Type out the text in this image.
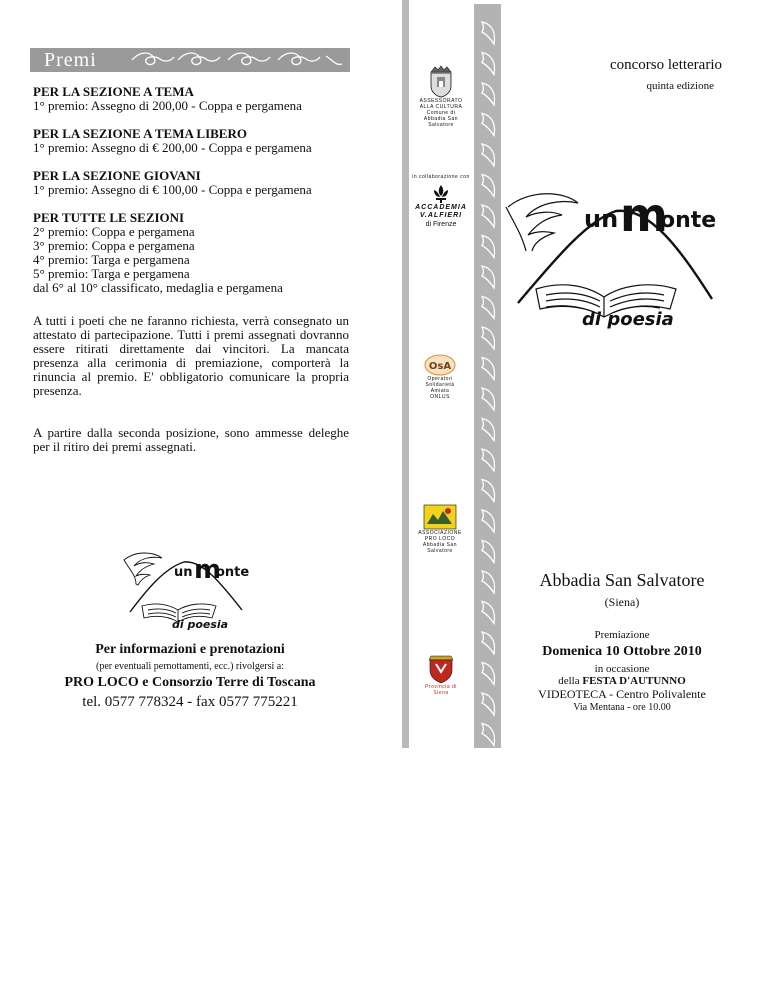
Premi
PER LA SEZIONE A TEMA
1° premio: Assegno di 200,00 - Coppa e pergamena
PER LA SEZIONE A TEMA LIBERO
1° premio: Assegno di € 200,00 - Coppa e pergamena
PER LA SEZIONE GIOVANI
1° premio: Assegno di € 100,00 - Coppa e pergamena
PER TUTTE LE SEZIONI
2° premio: Coppa e pergamena
3° premio: Coppa e pergamena
4° premio: Targa e pergamena
5° premio: Targa e pergamena
dal 6° al 10° classificato, medaglia e pergamena

A tutti i poeti che ne faranno richiesta, verrà consegnato un attestato di partecipazione. Tutti i premi assegnati dovranno essere ritirati direttamente dai vincitori. La mancata presenza alla cerimonia di premiazione, comporterà la rinuncia al premio. E' obbligatorio comunicare la propria presenza.

A partire dalla seconda posizione, sono ammesse deleghe per il ritiro dei premi assegnati.

un m
onte
di poesia
Per informazioni e prenotazioni
(per eventuali pernottamenti, ecc.) rivolgersi a:
PRO LOCO e Consorzio Terre di Toscana
tel. 0577 778324 - fax 0577 775221
ASSESSORATO
ALLA CULTURA
Comune di
Abbadia San Salvatore
in collaborazione con
ACCADEMIA
V.ALFIERI
di Firenze
OsA
Operatori
Solidarietà
Amiata
ONLUS
ASSOCIAZIONE
PRO LOCO
Abbadia San Salvatore
Provincia di
Siena
concorso letterario
quinta edizione
un m
onte
di poesia
Abbadia San Salvatore
(Siena)
Premiazione
Domenica 10 Ottobre 2010
in occasione
della FESTA D'AUTUNNO
VIDEOTECA - Centro Polivalente
Via Mentana - ore 10.00
